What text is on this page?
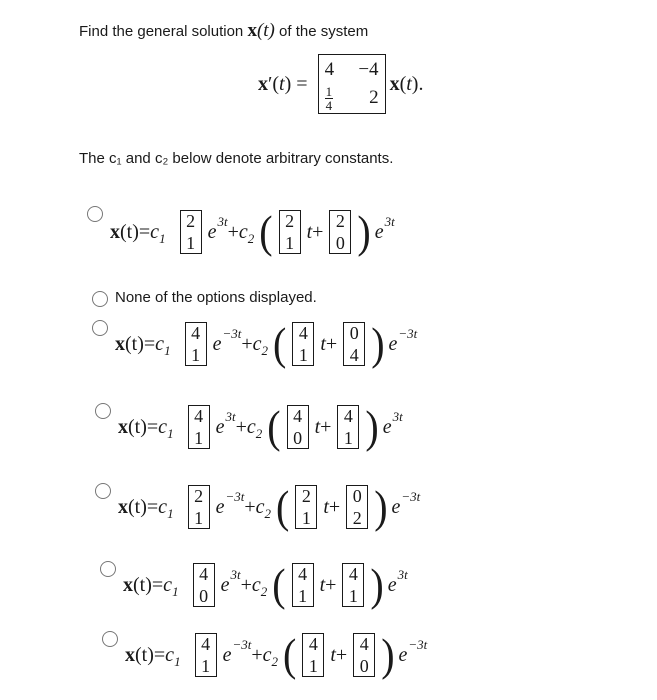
Find the general solution x(t) of the system
x′(t) =
4 −4
$\frac{1}{4}$	2
x(t).
The c₁ and c₂ below denote arbitrary constants.
x $(t) = c_1$
2
1
e $3t + c_2$ ( 2
1
t + 2
0 ) e 3t
None of the options displayed.
x $(t) = c_1$
4
1
$e -3t + c_2$ ( 4
1
t + 0
4 ) e −3t
x $(t) = c_1$
4
1
e $3t + c_2$ ( 4
0
t + 4
1 ) e 3t
x $(t) = c_1$
2
1
$e -3t + c_2$ ( 2
1
t + 0
2 ) e −3t
x $(t) = c_1$
4
0
e $3t + c_2$ ( 4
1
t + 4
1 ) e 3t
x $(t) = c_1$
4
1
$e -3t + c_2$ ( 4
1
t + 4
0 ) e −3t
